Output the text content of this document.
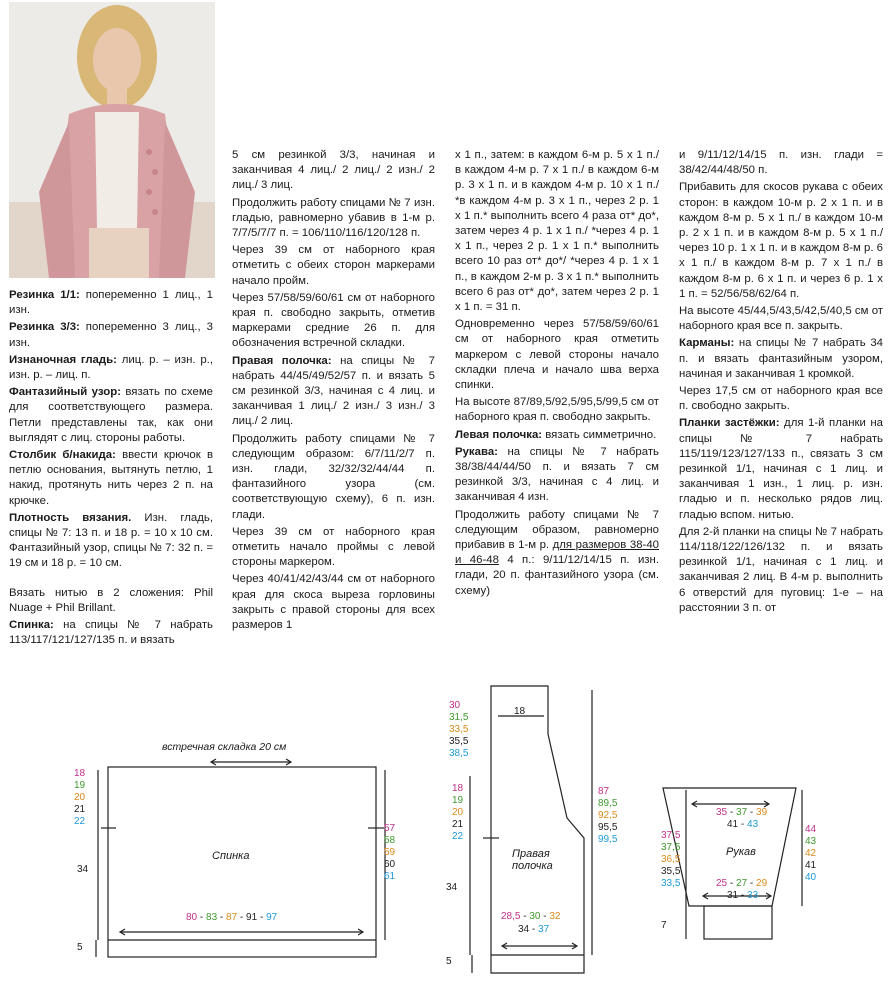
Резинка 1/1: попеременно 1 лиц., 1 изн.

Резинка 3/3: попеременно 3 лиц., 3 изн.

Изнаночная гладь: лиц. р. – изн. р., изн. р. – лиц. п.

Фантазийный узор: вязать по схеме для соответствующего размера. Петли представлены так, как они выглядят с лиц. стороны работы.

Столбик б/накида: ввести крючок в петлю основания, вытянуть петлю, 1 накид, протянуть нить через 2 п. на крючке.

Плотность вязания. Изн. гладь, спицы № 7: 13 п. и 18 р. = 10 х 10 см. Фантазийный узор, спицы № 7: 32 п. = 19 см и 18 р. = 10 см.

Вязать нитью в 2 сложения: Phil Nuage + Phil Brillant.

Спинка: на спицы № 7 набрать 113/117/121/127/135 п. и вязать

5 см резинкой 3/3, начиная и заканчивая 4 лиц./ 2 лиц./ 2 изн./ 2 лиц./ 3 лиц.

Продолжить работу спицами № 7 изн. гладью, равномерно убавив в 1-м р. 7/7/5/7/7 п. = 106/110/116/120/128 п.

Через 39 см от наборного края отметить с обеих сторон маркерами начало пройм.

Через 57/58/59/60/61 см от наборного края п. свободно закрыть, отметив маркерами средние 26 п. для обозначения встречной складки.

Правая полочка: на спицы № 7 набрать 44/45/49/52/57 п. и вязать 5 см резинкой 3/3, начиная с 4 лиц. и заканчивая 1 лиц./ 2 изн./ 3 изн./ 3 лиц./ 2 лиц.

Продолжить работу спицами № 7 следующим образом: 6/7/11/2/7 п. изн. глади, 32/32/32/44/44 п. фантазийного узора (см. соответствующую схему), 6 п. изн. глади.

Через 39 см от наборного края отметить начало проймы с левой стороны маркером.

Через 40/41/42/43/44 см от наборного края для скоса выреза горловины закрыть с правой стороны для всех размеров 1

х 1 п., затем: в каждом 6-м р. 5 х 1 п./ в каждом 4-м р. 7 х 1 п./ в каждом 6-м р. 3 х 1 п. и в каждом 4-м р. 10 х 1 п./ *в каждом 4-м р. 3 х 1 п., через 2 р. 1 х 1 п.* выполнить всего 4 раза от* до*, затем через 4 р. 1 х 1 п./ *через 4 р. 1 х 1 п., через 2 р. 1 х 1 п.* выполнить всего 10 раз от* до*/ *через 4 р. 1 х 1 п., в каждом 2-м р. 3 х 1 п.* выполнить всего 6 раз от* до*, затем через 2 р. 1 х 1 п. = 31 п.

Одновременно через 57/58/59/60/61 см от наборного края отметить маркером с левой стороны начало складки плеча и начало шва верха спинки.

На высоте 87/89,5/92,5/95,5/99,5 см от наборного края п. свободно закрыть.

Левая полочка: вязать симметрично.

Рукава: на спицы № 7 набрать 38/38/44/44/50 п. и вязать 7 см резинкой 3/3, начиная с 4 лиц. и заканчивая 4 изн.

Продолжить работу спицами № 7 следующим образом, равномерно прибавив в 1-м р. для размеров 38-40 и 46-48 4 п.: 9/11/12/14/15 п. изн. глади, 20 п. фантазийного узора (см. схему)

и 9/11/12/14/15 п. изн. глади = 38/42/44/48/50 п.

Прибавить для скосов рукава с обеих сторон: в каждом 10-м р. 2 х 1 п. и в каждом 8-м р. 5 х 1 п./ в каждом 10-м р. 2 х 1 п. и в каждом 8-м р. 5 х 1 п./ через 10 р. 1 х 1 п. и в каждом 8-м р. 6 х 1 п./ в каждом 8-м р. 7 х 1 п./ в каждом 8-м р. 6 х 1 п. и через 6 р. 1 х 1 п. = 52/56/58/62/64 п.

На высоте 45/44,5/43,5/42,5/40,5 см от наборного края все п. закрыть.

Карманы: на спицы № 7 набрать 34 п. и вязать фантазийным узором, начиная и заканчивая 1 кромкой.

Через 17,5 см от наборного края все п. свободно закрыть.

Планки застёжки: для 1-й планки на спицы № 7 набрать 115/119/123/127/133 п., связать 3 см резинкой 1/1, начиная с 1 лиц. и заканчивая 1 изн., 1 лиц. р. изн. гладью и п. несколько рядов лиц. гладью вспом. нитью.

Для 2-й планки на спицы № 7 набрать 114/118/122/126/132 п. и вязать резинкой 1/1, начиная с 1 лиц. и заканчивая 2 лиц. В 4-м р. выполнить 6 отверстий для пуговиц: 1-е – на расстоянии 3 п. от

встречная складка 20 см
Спинка
18
19
20
21
22
57
58
59
60
61
80 - 83 - 87 - 91 - 97
34
5
30
31,5
33,5
35,5
38,5
18
18
19
20
21
22
87
89,5
92,5
95,5
99,5
Правая
полочка
28,5 - 30 - 32
34 - 37
34
5
35 - 37 - 39
41 - 43
Рукав
37,5
37,5
36,5
35,5
33,5
44
43
42
41
40
25 - 27 - 29
31 - 33
7
